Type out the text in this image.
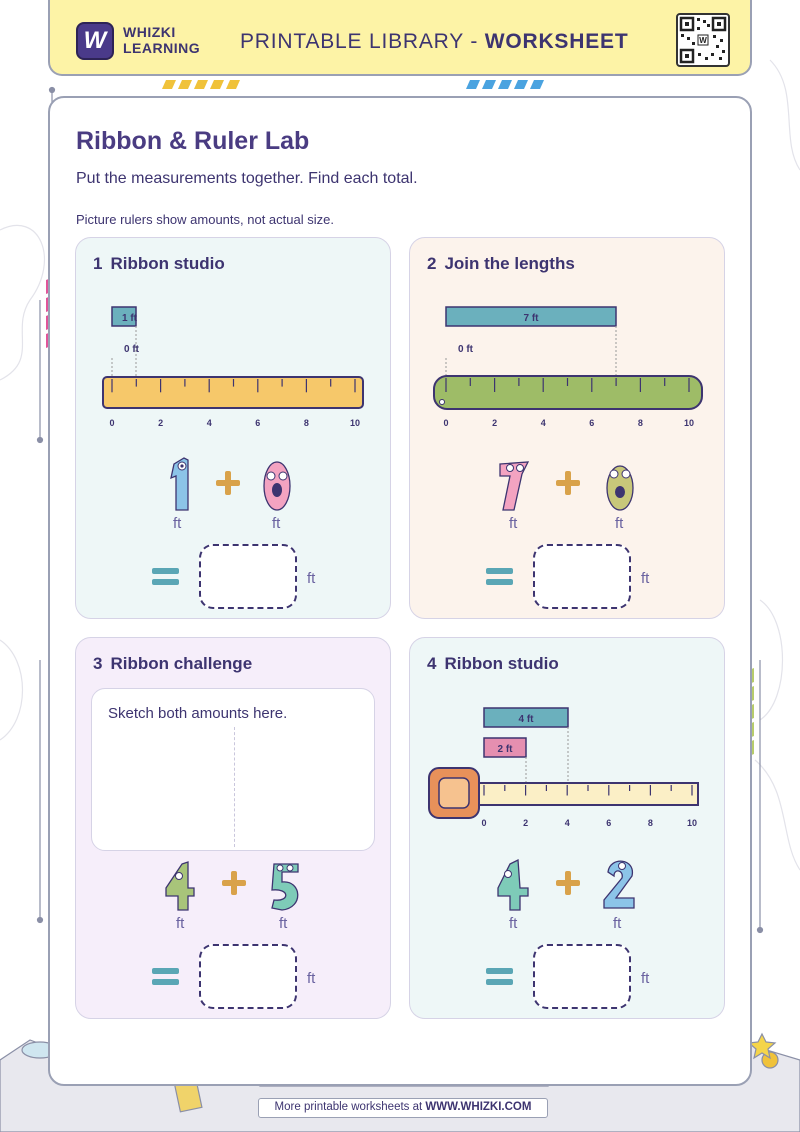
W	WHIZKI
LEARNING PRINTABLE LIBRARY - WORKSHEET	W
Ribbon & Ruler Lab
Put the measurements together. Find each total.
Picture rulers show amounts, not actual size.
1 Ribbon studio
1 ft
0 ft
0	2	4	6	8	10
ft	ft
ft
2 Join the lengths
7 ft
0 ft
0	2	4	6	8	10
ft	ft
ft
3 Ribbon challenge
Sketch both amounts here.
ft	ft
ft
4 Ribbon studio
4 ft
2 ft
0	2	4	6	8	10
ft	ft
ft
More printable worksheets at WWW.WHIZKI.COM
